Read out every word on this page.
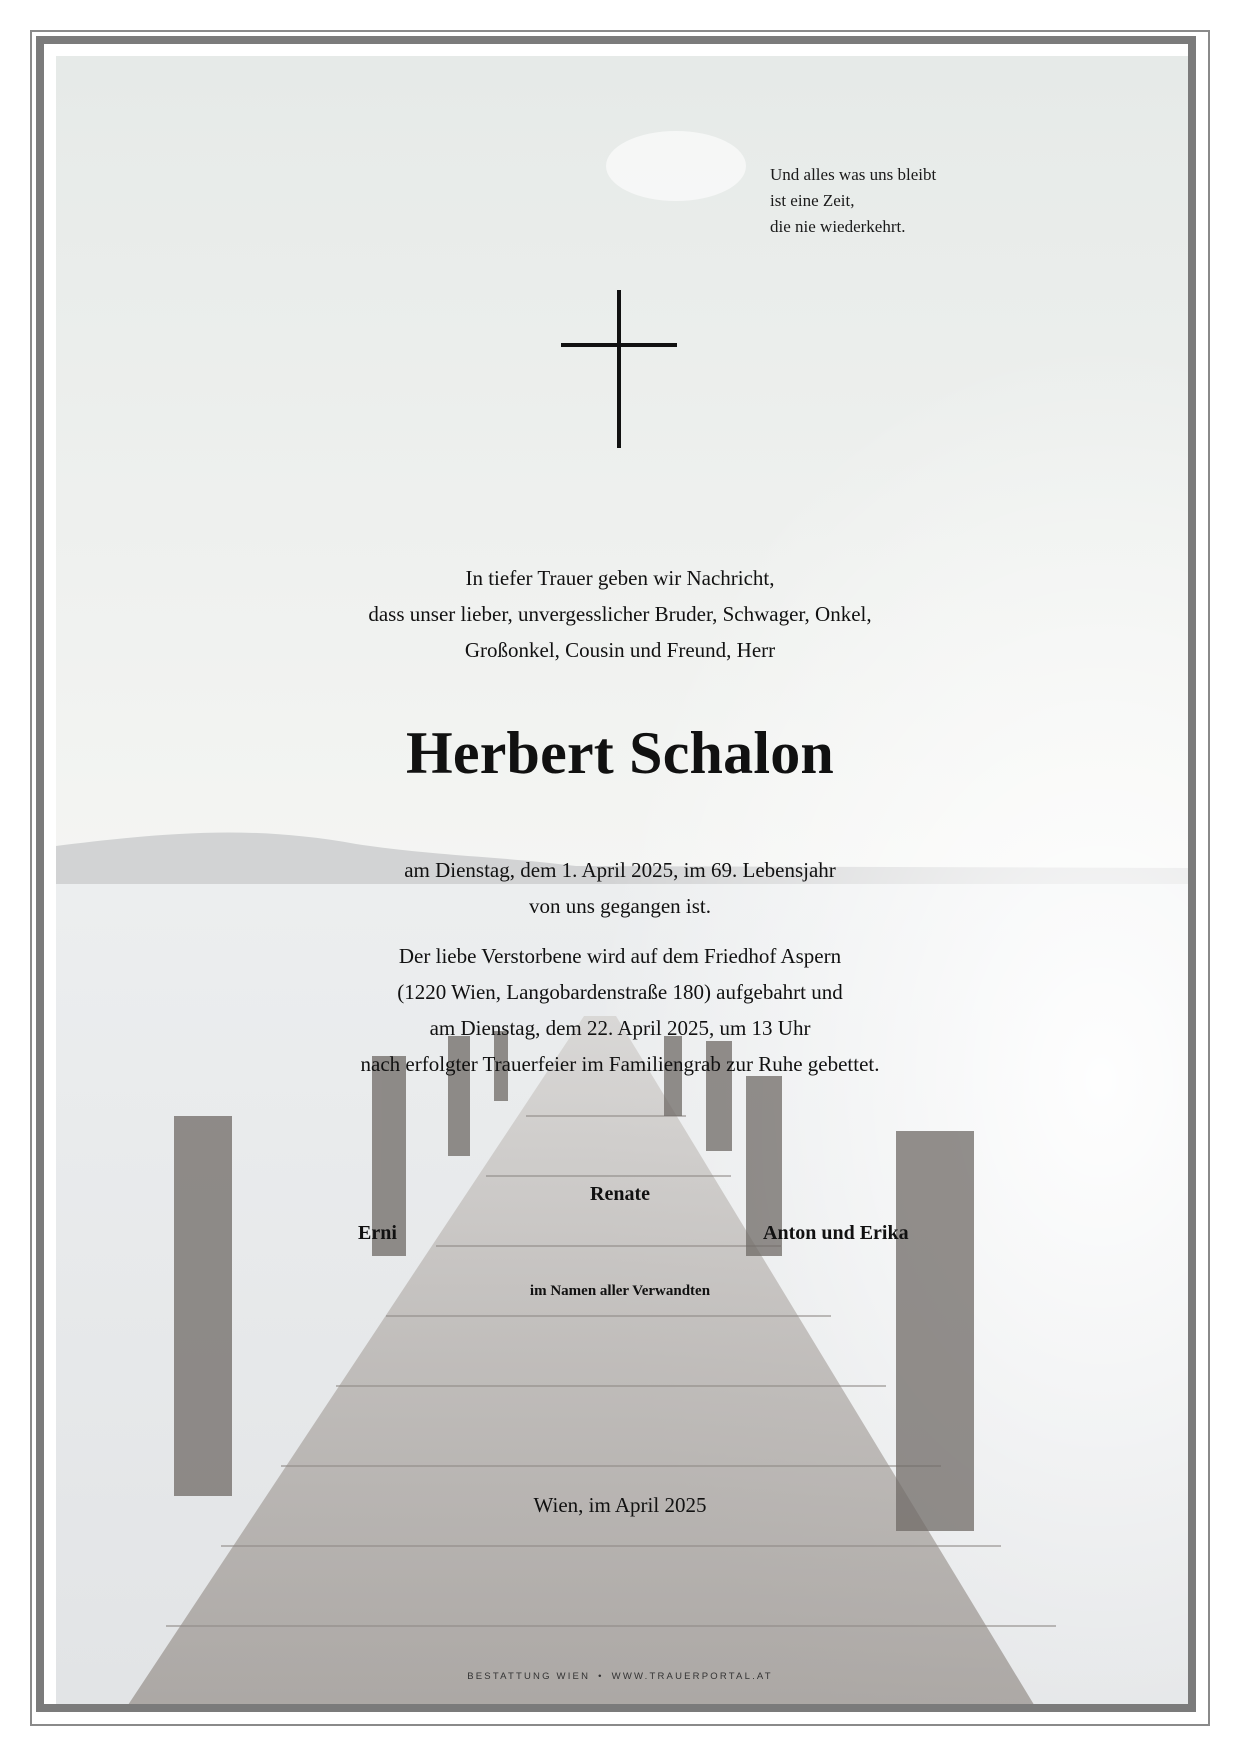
Und alles was uns bleibt
ist eine Zeit,
die nie wiederkehrt.
In tiefer Trauer geben wir Nachricht,
dass unser lieber, unvergesslicher Bruder, Schwager, Onkel,
Großonkel, Cousin und Freund, Herr
Herbert Schalon
am Dienstag, dem 1. April 2025, im 69. Lebensjahr
von uns gegangen ist.
Der liebe Verstorbene wird auf dem Friedhof Aspern
(1220 Wien, Langobardenstraße 180) aufgebahrt und
am Dienstag, dem 22. April 2025, um 13 Uhr
nach erfolgter Trauerfeier im Familiengrab zur Ruhe gebettet.
Renate
Erni	Anton und Erika
im Namen aller Verwandten
Wien, im April 2025
BESTATTUNG WIEN • WWW.TRAUERPORTAL.AT
